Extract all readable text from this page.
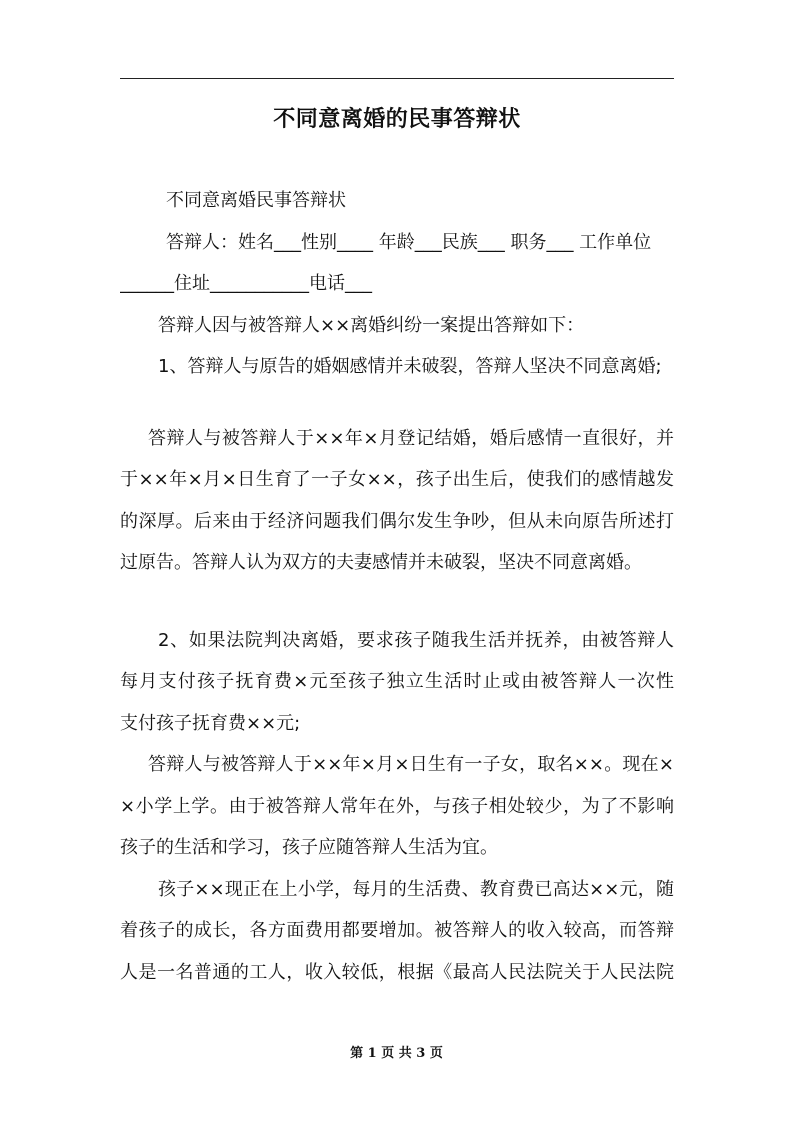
不同意离婚的民事答辩状

不同意离婚民事答辩状

答辩人：姓名___性别____ 年龄___民族___ 职务___ 工作单位

______住址___________电话___

答辩人因与被答辩人××离婚纠纷一案提出答辩如下：

1、答辩人与原告的婚姻感情并未破裂，答辩人坚决不同意离婚;

答辩人与被答辩人于××年×月登记结婚，婚后感情一直很好，并

于××年×月×日生育了一子女××，孩子出生后，使我们的感情越发

的深厚。后来由于经济问题我们偶尔发生争吵，但从未向原告所述打

过原告。答辩人认为双方的夫妻感情并未破裂，坚决不同意离婚。

2、如果法院判决离婚，要求孩子随我生活并抚养，由被答辩人

每月支付孩子抚育费×元至孩子独立生活时止或由被答辩人一次性

支付孩子抚育费××元;

答辩人与被答辩人于××年×月×日生有一子女，取名××。现在×

×小学上学。由于被答辩人常年在外，与孩子相处较少，为了不影响

孩子的生活和学习，孩子应随答辩人生活为宜。

孩子××现正在上小学，每月的生活费、教育费已高达××元，随

着孩子的成长，各方面费用都要增加。被答辩人的收入较高，而答辩

人是一名普通的工人，收入较低，根据《最高人民法院关于人民法院

第 1 页 共 3 页
